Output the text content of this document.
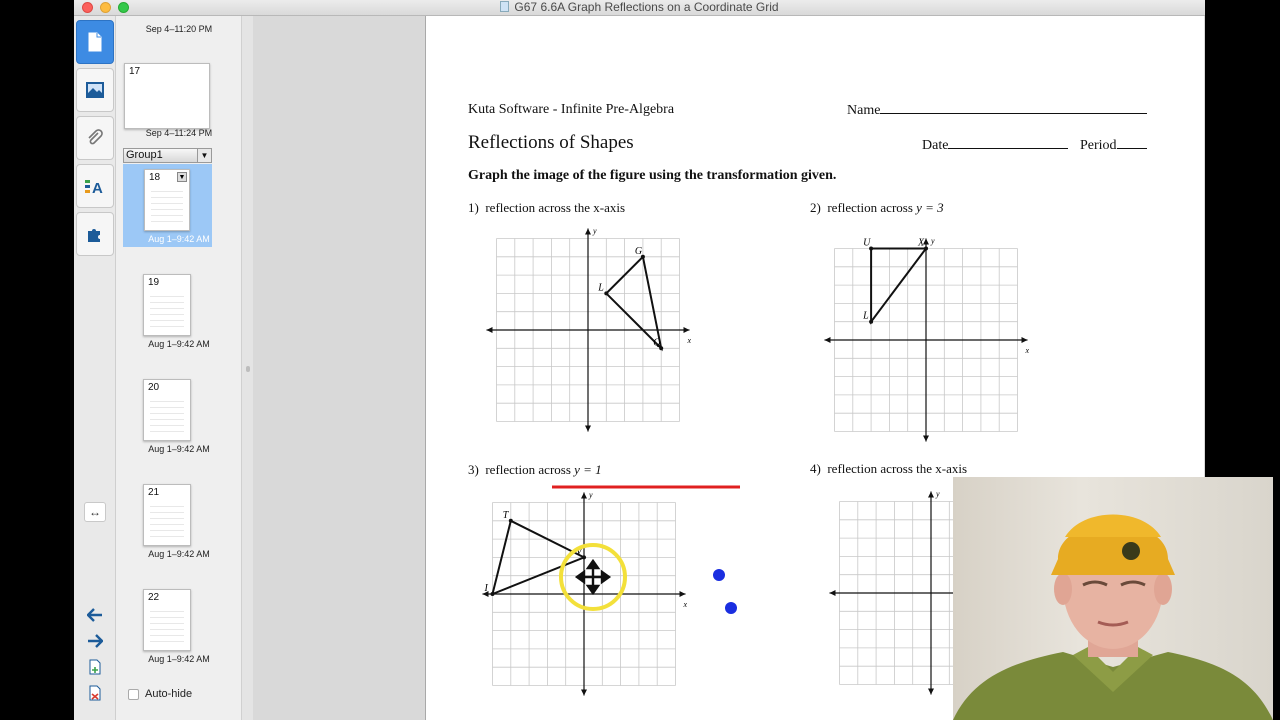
G67 6.6A Graph Reflections on a Coordinate Grid
A
↔
Sep 4–11:20 PM
17
Sep 4–11:24 PM
Group1	▼
18	▼
Aug 1–9:42 AM
19
Aug 1–9:42 AM
20
Aug 1–9:42 AM
21
Aug 1–9:42 AM
22
Aug 1–9:42 AM
Auto-hide
Kuta Software - Infinite Pre-Algebra	Name
Reflections of Shapes	Date	Period
Graph the image of the figure using the transformation given.
1) reflection across the x-axis	2) reflection across y = 3
3) reflection across y = 1	4) reflection across the x-axis
x
y
G
L
Q
x
y
U	X
L
x
y
T
V
I
y
